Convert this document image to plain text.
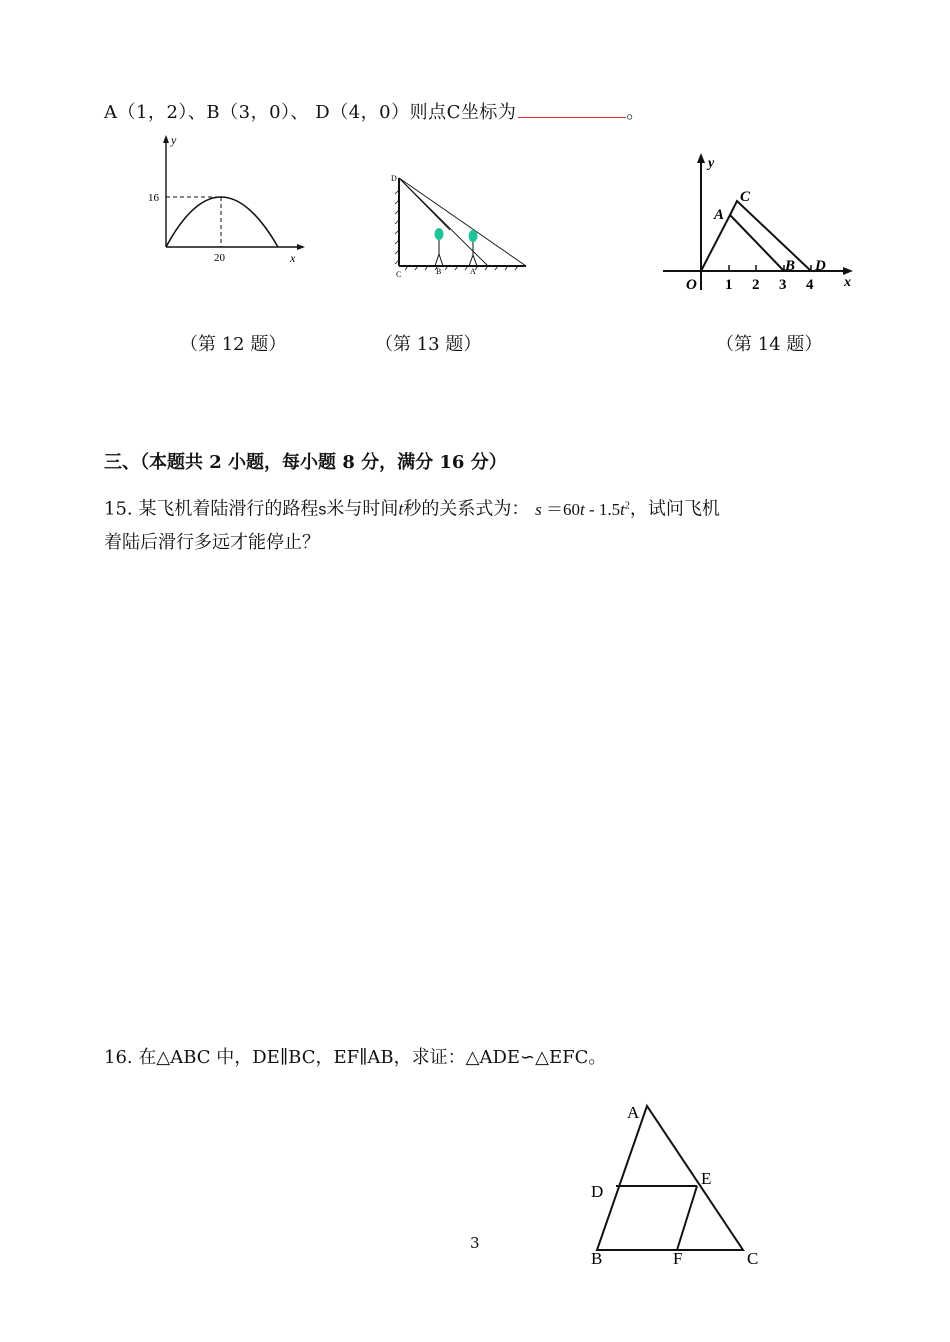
A（1，2）、B（3，0）、 D（4，0）则点C坐标为	。
y
x
16
20
D
C	B	A
y
x
O 1 2 3 4
A
C
B D
（第 12 题）	（第 13 题）	（第 14 题）
三、（本题共 2 小题，每小题 8 分，满分 16 分）
15. 某飞机着陆滑行的路程s米与时间t秒的关系式为： $s =60t - 1.5t^2$，试问飞机
着陆后滑行多远才能停止？
16. 在△ABC 中，DE∥BC，EF∥AB，求证：△ADE∽△EFC。
A
D
E
B	F	C
3
